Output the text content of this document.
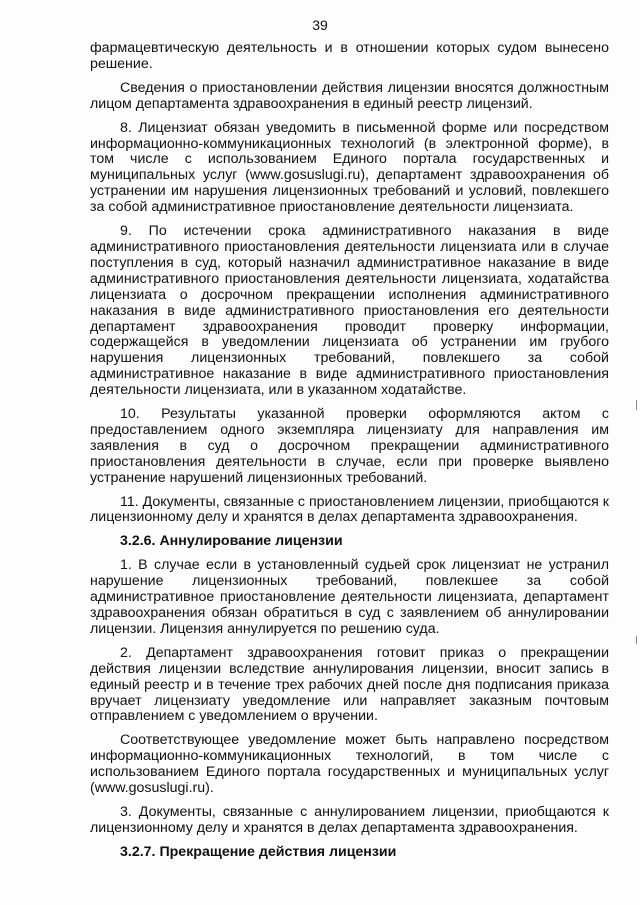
39

фармацевтическую деятельность и в отношении которых судом вынесено решение.

Сведения о приостановлении действия лицензии вносятся должностным лицом департамента здравоохранения в единый реестр лицензий.

8. Лицензиат обязан уведомить в письменной форме или посредством информационно-коммуникационных технологий (в электронной форме), в том числе с использованием Единого портала государственных и муниципальных услуг (www.gosuslugi.ru), департамент здравоохранения об устранении им нарушения лицензионных требований и условий, повлекшего за собой административное приостановление деятельности лицензиата.

9. По истечении срока административного наказания в виде административного приостановления деятельности лицензиата или в случае поступления в суд, который назначил административное наказание в виде административного приостановления деятельности лицензиата, ходатайства лицензиата о досрочном прекращении исполнения административного наказания в виде административного приостановления его деятельности департамент здравоохранения проводит проверку информации, содержащейся в уведомлении лицензиата об устранении им грубого нарушения лицензионных требований, повлекшего за собой административное наказание в виде административного приостановления деятельности лицензиата, или в указанном ходатайстве.

10. Результаты указанной проверки оформляются актом с предоставлением одного экземпляра лицензиату для направления им заявления в суд о досрочном прекращении административного приостановления деятельности в случае, если при проверке выявлено устранение нарушений лицензионных требований.

11. Документы, связанные с приостановлением лицензии, приобщаются к лицензионному делу и хранятся в делах департамента здравоохранения.

3.2.6. Аннулирование лицензии

1. В случае если в установленный судьей срок лицензиат не устранил нарушение лицензионных требований, повлекшее за собой административное приостановление деятельности лицензиата, департамент здравоохранения обязан обратиться в суд с заявлением об аннулировании лицензии. Лицензия аннулируется по решению суда.

2. Департамент здравоохранения готовит приказ о прекращении действия лицензии вследствие аннулирования лицензии, вносит запись в единый реестр и в течение трех рабочих дней после дня подписания приказа вручает лицензиату уведомление или направляет заказным почтовым отправлением с уведомлением о вручении.

Соответствующее уведомление может быть направлено посредством информационно-коммуникационных технологий, в том числе с использованием Единого портала государственных и муниципальных услуг (www.gosuslugi.ru).

3. Документы, связанные с аннулированием лицензии, приобщаются к лицензионному делу и хранятся в делах департамента здравоохранения.

3.2.7. Прекращение действия лицензии
